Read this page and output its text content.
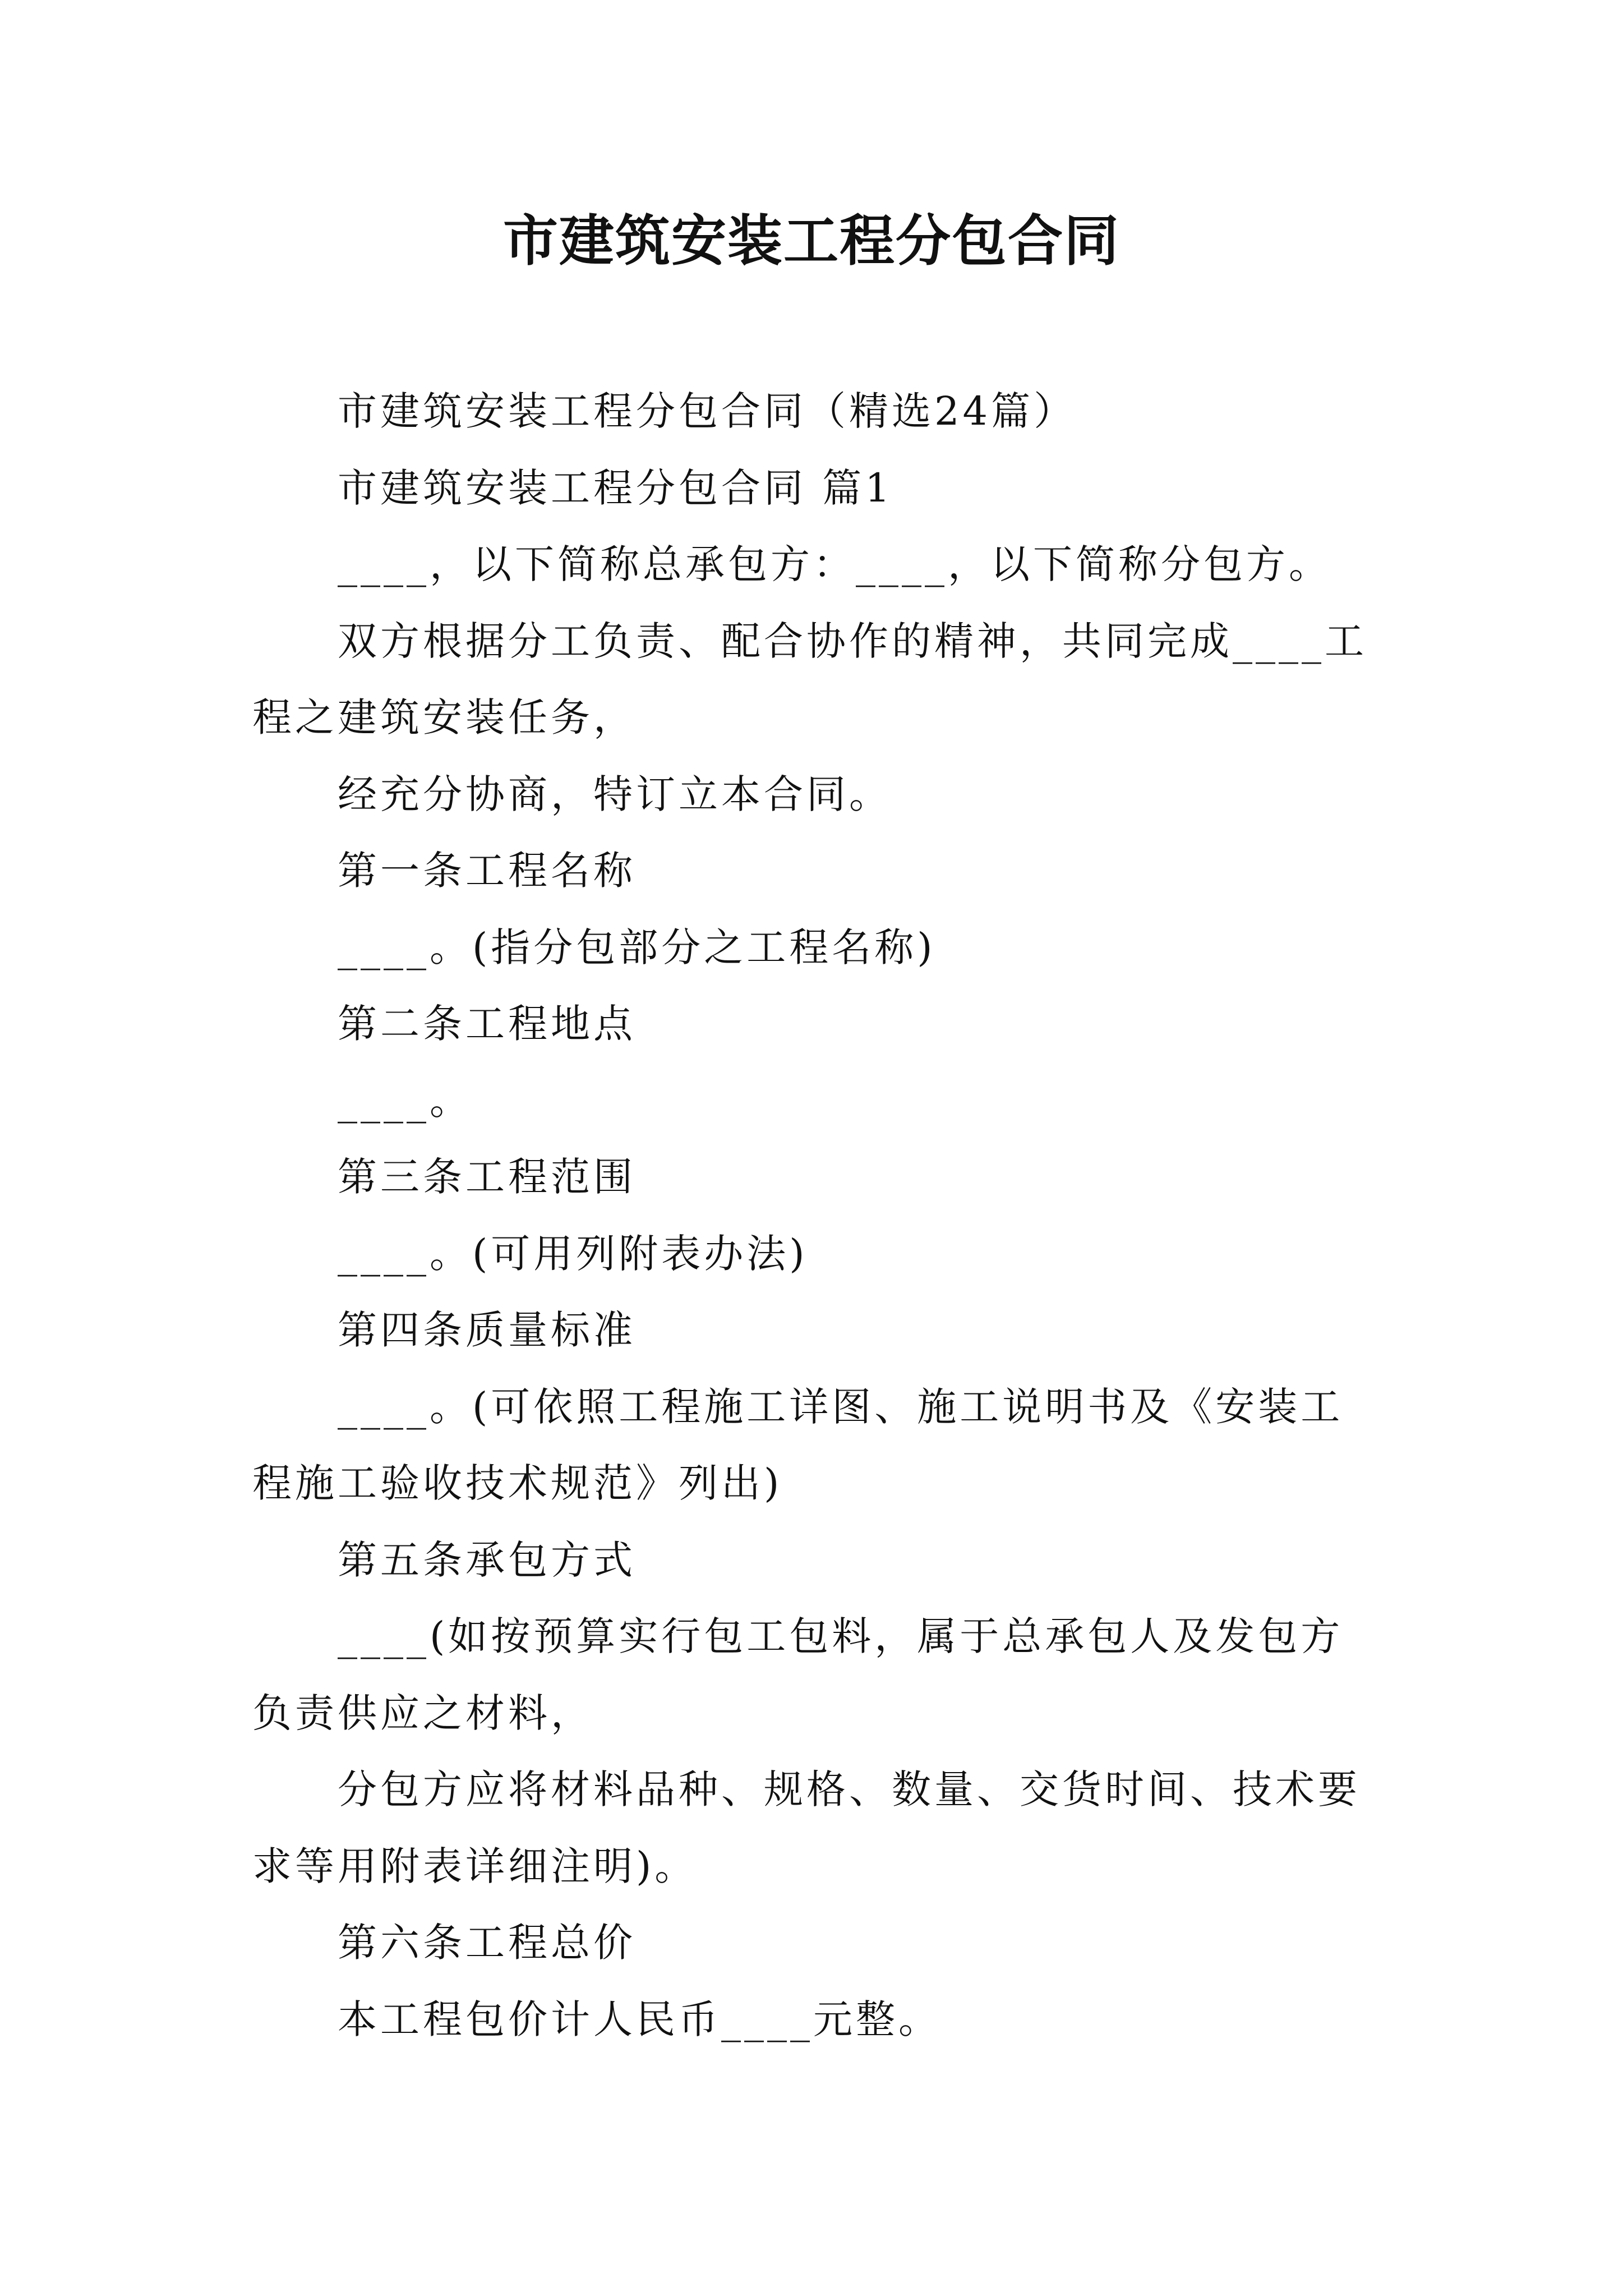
市建筑安装工程分包合同

市建筑安装工程分包合同（精选24篇）

市建筑安装工程分包合同 篇1

____，以下简称总承包方：____，以下简称分包方。

双方根据分工负责、配合协作的精神，共同完成____工程之建筑安装任务，

经充分协商，特订立本合同。

第一条工程名称

____。(指分包部分之工程名称)

第二条工程地点

____。

第三条工程范围

____。(可用列附表办法)

第四条质量标准

____。(可依照工程施工详图、施工说明书及《安装工程施工验收技术规范》列出)

第五条承包方式

____(如按预算实行包工包料，属于总承包人及发包方负责供应之材料，

分包方应将材料品种、规格、数量、交货时间、技术要求等用附表详细注明)。

第六条工程总价

本工程包价计人民币____元整。
